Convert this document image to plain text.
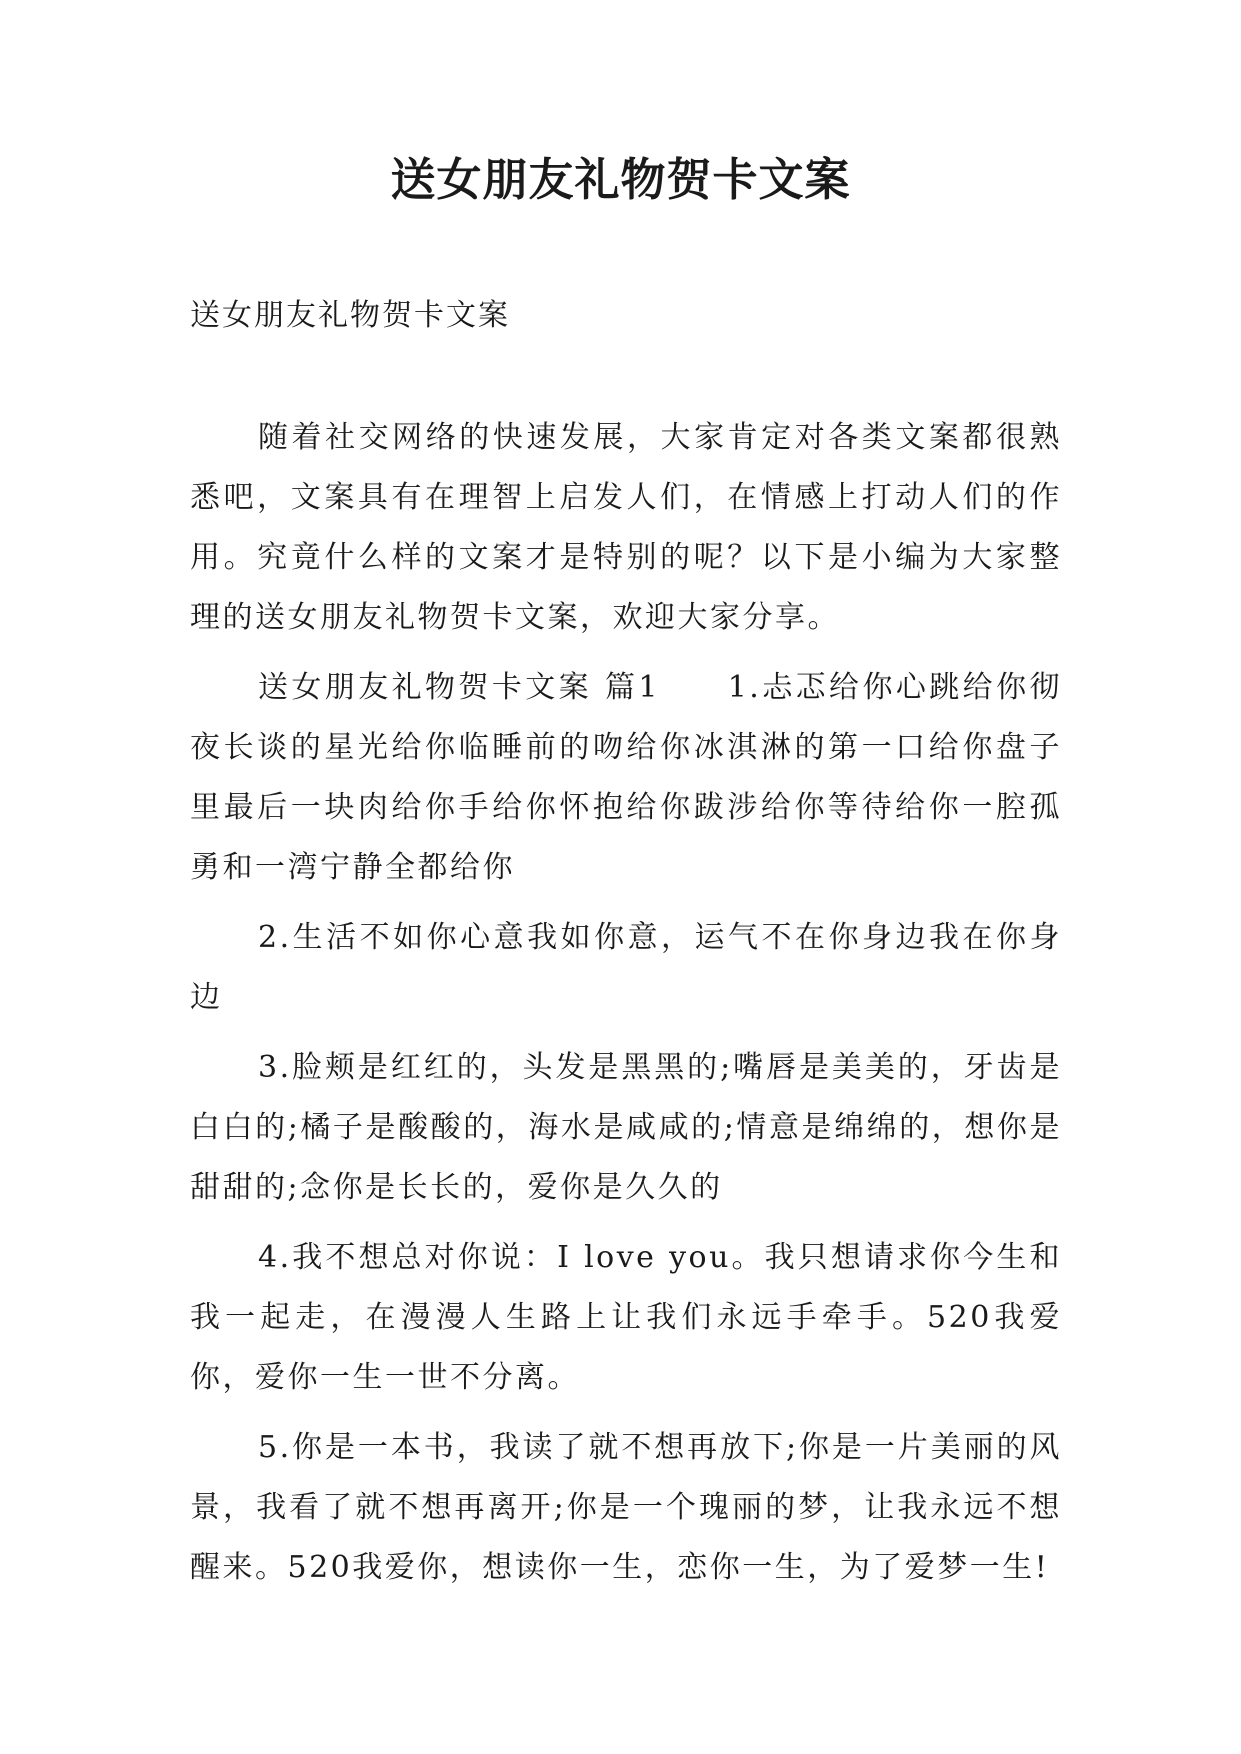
送女朋友礼物贺卡文案

送女朋友礼物贺卡文案

随着社交网络的快速发展，大家肯定对各类文案都很熟悉吧，文案具有在理智上启发人们，在情感上打动人们的作用。究竟什么样的文案才是特别的呢？以下是小编为大家整理的送女朋友礼物贺卡文案，欢迎大家分享。

送女朋友礼物贺卡文案 篇1　　1.忐忑给你心跳给你彻夜长谈的星光给你临睡前的吻给你冰淇淋的第一口给你盘子里最后一块肉给你手给你怀抱给你跋涉给你等待给你一腔孤勇和一湾宁静全都给你

2.生活不如你心意我如你意，运气不在你身边我在你身边

3.脸颊是红红的，头发是黑黑的;嘴唇是美美的，牙齿是白白的;橘子是酸酸的，海水是咸咸的;情意是绵绵的，想你是甜甜的;念你是长长的，爱你是久久的

4.我不想总对你说：I love you。我只想请求你今生和我一起走，在漫漫人生路上让我们永远手牵手。520我爱你，爱你一生一世不分离。

5.你是一本书，我读了就不想再放下;你是一片美丽的风景，我看了就不想再离开;你是一个瑰丽的梦，让我永远不想醒来。520我爱你，想读你一生，恋你一生，为了爱梦一生!
